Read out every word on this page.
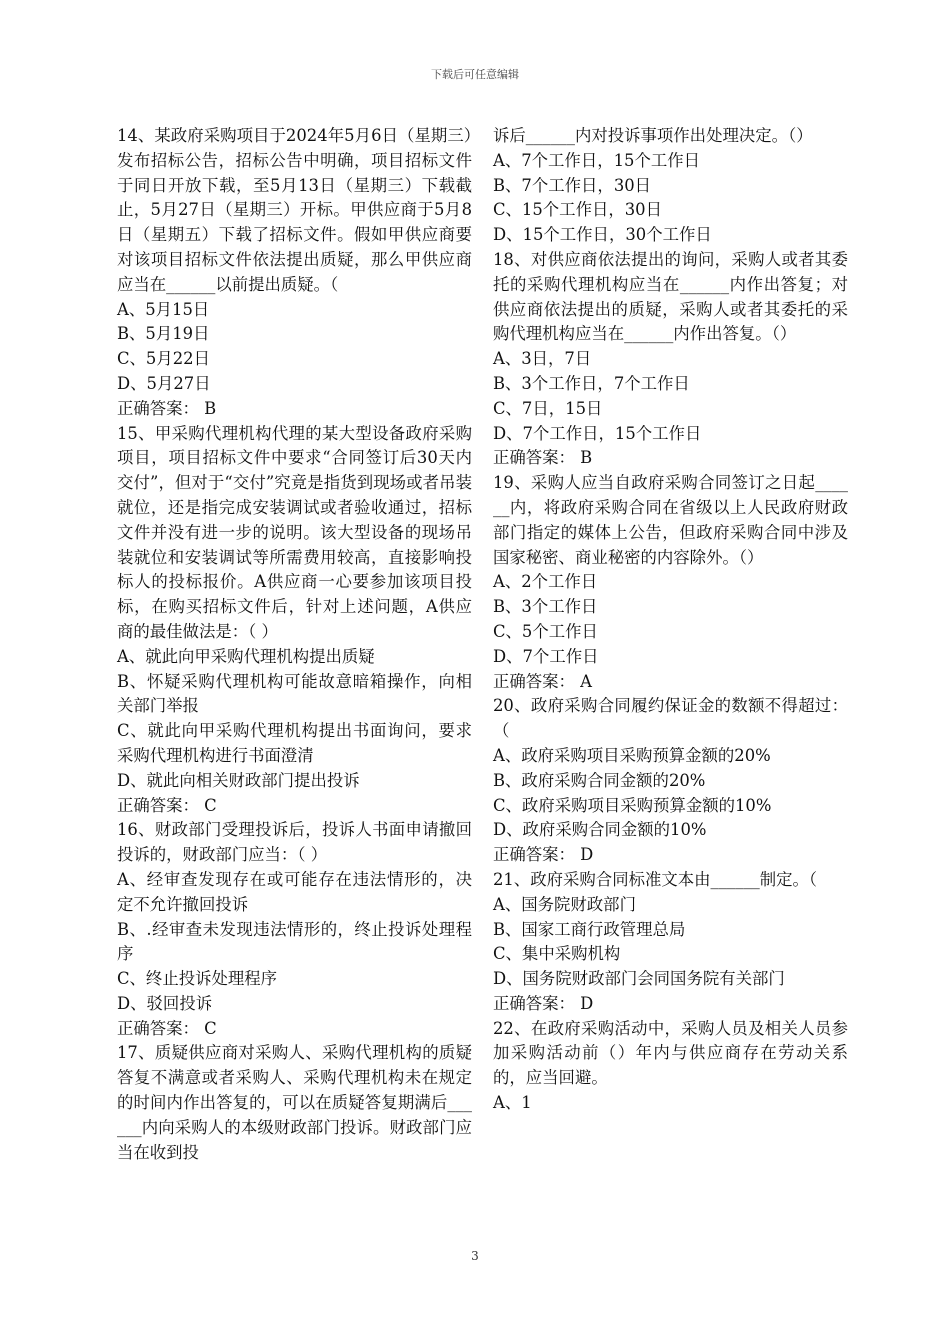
下载后可任意编辑

14、某政府采购项目于2024年5月6日（星期三）发布招标公告，招标公告中明确，项目招标文件于同日开放下载，至5月13日（星期三）下载截止，5月27日（星期三）开标。甲供应商于5月8日（星期五）下载了招标文件。假如甲供应商要对该项目招标文件依法提出质疑，那么甲供应商应当在______以前提出质疑。（

A、5月15日

B、5月19日

C、5月22日

D、5月27日

正确答案： B

15、甲采购代理机构代理的某大型设备政府采购项目，项目招标文件中要求“合同签订后30天内交付”，但对于“交付”究竟是指货到现场或者吊装就位，还是指完成安装调试或者验收通过，招标文件并没有进一步的说明。该大型设备的现场吊装就位和安装调试等所需费用较高，直接影响投标人的投标报价。A供应商一心要参加该项目投标，在购买招标文件后，针对上述问题，A供应商的最佳做法是：（ ）

A、就此向甲采购代理机构提出质疑

B、怀疑采购代理机构可能故意暗箱操作，向相关部门举报

C、就此向甲采购代理机构提出书面询问，要求采购代理机构进行书面澄清

D、就此向相关财政部门提出投诉

正确答案： C

16、财政部门受理投诉后，投诉人书面申请撤回投诉的，财政部门应当：（ ）

A、经审查发现存在或可能存在违法情形的，决定不允许撤回投诉

B、.经审查未发现违法情形的，终止投诉处理程序

C、终止投诉处理程序

D、驳回投诉

正确答案： C

17、质疑供应商对采购人、采购代理机构的质疑答复不满意或者采购人、采购代理机构未在规定的时间内作出答复的，可以在质疑答复期满后______内向采购人的本级财政部门投诉。财政部门应当在收到投

诉后______内对投诉事项作出处理决定。（）

A、7个工作日，15个工作日

B、7个工作日，30日

C、15个工作日，30日

D、15个工作日，30个工作日

18、对供应商依法提出的询问，采购人或者其委托的采购代理机构应当在______内作出答复；对供应商依法提出的质疑，采购人或者其委托的采购代理机构应当在______内作出答复。（）

A、3日，7日

B、3个工作日，7个工作日

C、7日，15日

D、7个工作日，15个工作日

正确答案： B

19、采购人应当自政府采购合同签订之日起______内，将政府采购合同在省级以上人民政府财政部门指定的媒体上公告，但政府采购合同中涉及国家秘密、商业秘密的内容除外。（）

A、2个工作日

B、3个工作日

C、5个工作日

D、7个工作日

正确答案： A

20、政府采购合同履约保证金的数额不得超过：（

A、政府采购项目采购预算金额的20%

B、政府采购合同金额的20%

C、政府采购项目采购预算金额的10%

D、政府采购合同金额的10%

正确答案： D

21、政府采购合同标准文本由______制定。（

A、国务院财政部门

B、国家工商行政管理总局

C、集中采购机构

D、国务院财政部门会同国务院有关部门

正确答案： D

22、在政府采购活动中，采购人员及相关人员参加采购活动前（）年内与供应商存在劳动关系的，应当回避。

A、1

3
